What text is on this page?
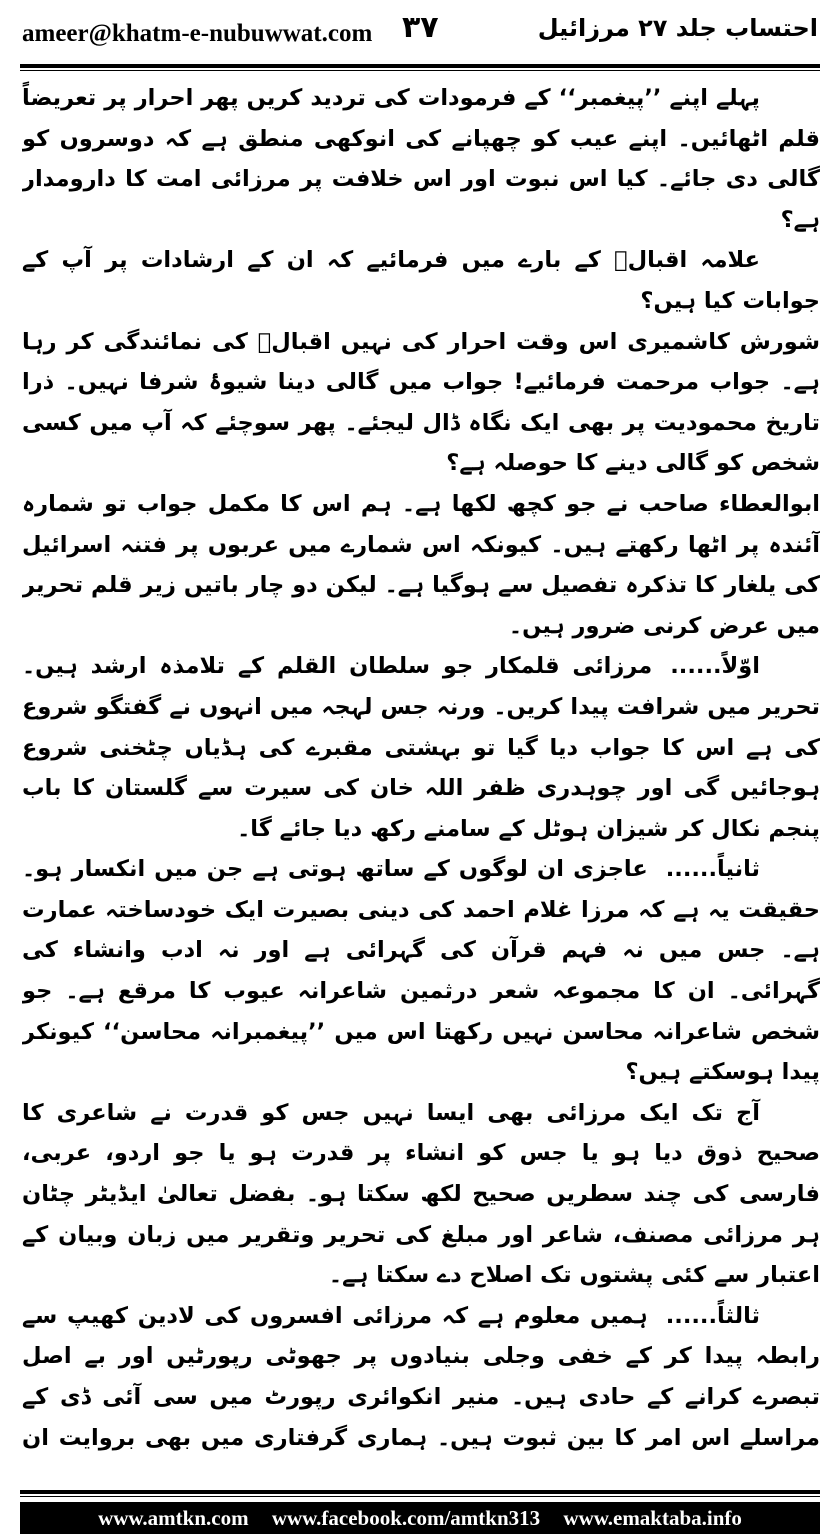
ameer@khatm-e-nubuwwat.com ۳۷	احتساب جلد ۲۷ مرزائیل

پہلے اپنے ’’پیغمبر‘‘ کے فرمودات کی تردید کریں پھر احرار پر تعریضاً قلم اٹھائیں۔ اپنے عیب کو چھپانے کی انوکھی منطق ہے کہ دوسروں کو گالی دی جائے۔ کیا اس نبوت اور اس خلافت پر مرزائی امت کا دارومدار ہے؟

علامہ اقبالؒ کے بارے میں فرمائیے کہ ان کے ارشادات پر آپ کے جوابات کیا ہیں؟

شورش کاشمیری اس وقت احرار کی نہیں اقبالؒ کی نمائندگی کر رہا ہے۔ جواب مرحمت فرمائیے! جواب میں گالی دینا شیوۂ شرفا نہیں۔ ذرا تاریخ محمودیت پر بھی ایک نگاہ ڈال لیجئے۔ پھر سوچئے کہ آپ میں کسی شخص کو گالی دینے کا حوصلہ ہے؟

ابوالعطاء صاحب نے جو کچھ لکھا ہے۔ ہم اس کا مکمل جواب تو شمارہ آئندہ پر اٹھا رکھتے ہیں۔ کیونکہ اس شمارے میں عربوں پر فتنہ اسرائیل کی یلغار کا تذکرہ تفصیل سے ہوگیا ہے۔ لیکن دو چار باتیں زیر قلم تحریر میں عرض کرنی ضرور ہیں۔

اوّلاً......مرزائی قلمکار جو سلطان القلم کے تلامذہ ارشد ہیں۔ تحریر میں شرافت پیدا کریں۔ ورنہ جس لہجہ میں انہوں نے گفتگو شروع کی ہے اس کا جواب دیا گیا تو بہشتی مقبرے کی ہڈیاں چٹخنی شروع ہوجائیں گی اور چوہدری ظفر اللہ خان کی سیرت سے گلستان کا باب پنجم نکال کر شیزان ہوٹل کے سامنے رکھ دیا جائے گا۔

ثانیاً......عاجزی ان لوگوں کے ساتھ ہوتی ہے جن میں انکسار ہو۔ حقیقت یہ ہے کہ مرزا غلام احمد کی دینی بصیرت ایک خودساختہ عمارت ہے۔ جس میں نہ فہم قرآن کی گہرائی ہے اور نہ ادب وانشاء کی گہرائی۔ ان کا مجموعہ شعر درثمین شاعرانہ عیوب کا مرقع ہے۔ جو شخص شاعرانہ محاسن نہیں رکھتا اس میں ’’پیغمبرانہ محاسن‘‘ کیونکر پیدا ہوسکتے ہیں؟

آج تک ایک مرزائی بھی ایسا نہیں جس کو قدرت نے شاعری کا صحیح ذوق دیا ہو یا جس کو انشاء پر قدرت ہو یا جو اردو، عربی، فارسی کی چند سطریں صحیح لکھ سکتا ہو۔ بفضل تعالیٰ ایڈیٹر چٹان ہر مرزائی مصنف، شاعر اور مبلغ کی تحریر وتقریر میں زبان وبیان کے اعتبار سے کئی پشتوں تک اصلاح دے سکتا ہے۔

ثالثاً......ہمیں معلوم ہے کہ مرزائی افسروں کی لادین کھیپ سے رابطہ پیدا کر کے خفی وجلی بنیادوں پر جھوٹی رپورٹیں اور بے اصل تبصرے کرانے کے حادی ہیں۔ منیر انکوائری رپورٹ میں سی آئی ڈی کے مراسلے اس امر کا بین ثبوت ہیں۔ ہماری گرفتاری میں بھی بروایت ان

www.amtkn.com www.facebook.com/amtkn313 www.emaktaba.info
